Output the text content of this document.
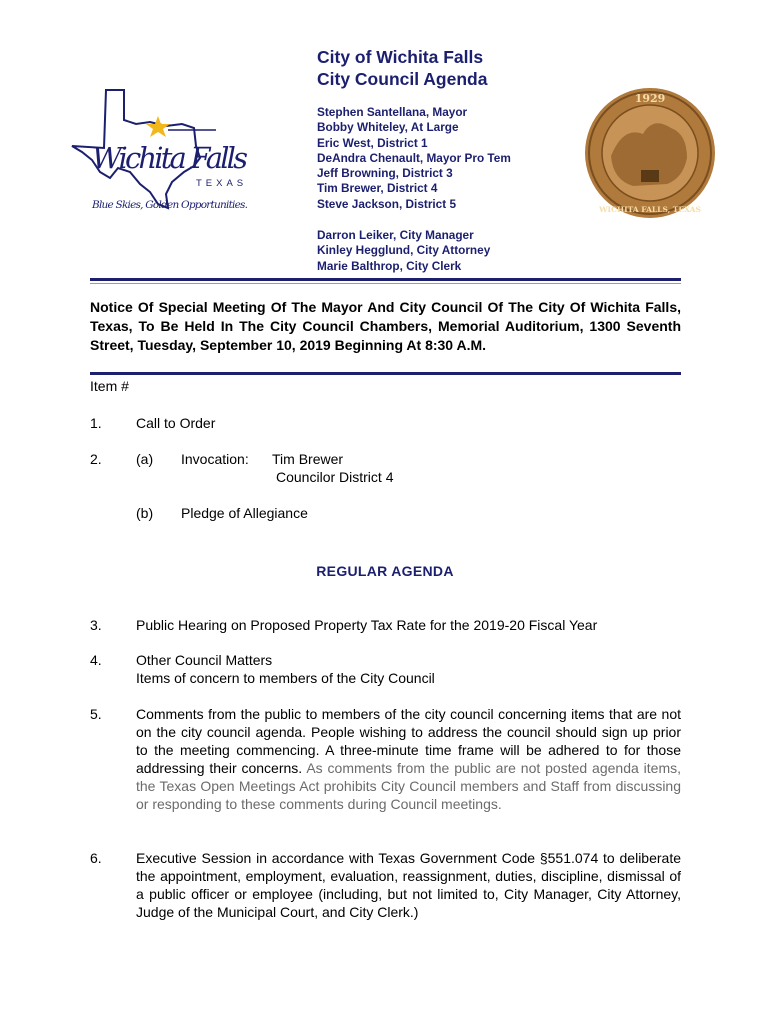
Wichita Falls
TEXAS
Blue Skies, Golden Opportunities.
1929
WICHITA FALLS, TEXAS
City of Wichita Falls
City Council Agenda
Stephen Santellana, Mayor
Bobby Whiteley, At Large
Eric West, District 1
DeAndra Chenault, Mayor Pro Tem
Jeff Browning, District 3
Tim Brewer, District 4
Steve Jackson, District 5
Darron Leiker, City Manager
Kinley Hegglund, City Attorney
Marie Balthrop, City Clerk
Notice Of Special Meeting Of The Mayor And City Council Of The City Of Wichita Falls, Texas, To Be Held In The City Council Chambers, Memorial Auditorium, 1300 Seventh Street, Tuesday, September 10, 2019 Beginning At 8:30 A.M.
Item #
1. Call to Order
2. (a) Invocation: Tim Brewer
Councilor District 4
(b) Pledge of Allegiance
REGULAR AGENDA
3. Public Hearing on Proposed Property Tax Rate for the 2019-20 Fiscal Year
4. Other Council Matters
Items of concern to members of the City Council
5. Comments from the public to members of the city council concerning items that are not on the city council agenda. People wishing to address the council should sign up prior to the meeting commencing. A three-minute time frame will be adhered to for those addressing their concerns. As comments from the public are not posted agenda items, the Texas Open Meetings Act prohibits City Council members and Staff from discussing or responding to these comments during Council meetings.
6. Executive Session in accordance with Texas Government Code §551.074 to deliberate the appointment, employment, evaluation, reassignment, duties, discipline, dismissal of a public officer or employee (including, but not limited to, City Manager, City Attorney, Judge of the Municipal Court, and City Clerk.)
